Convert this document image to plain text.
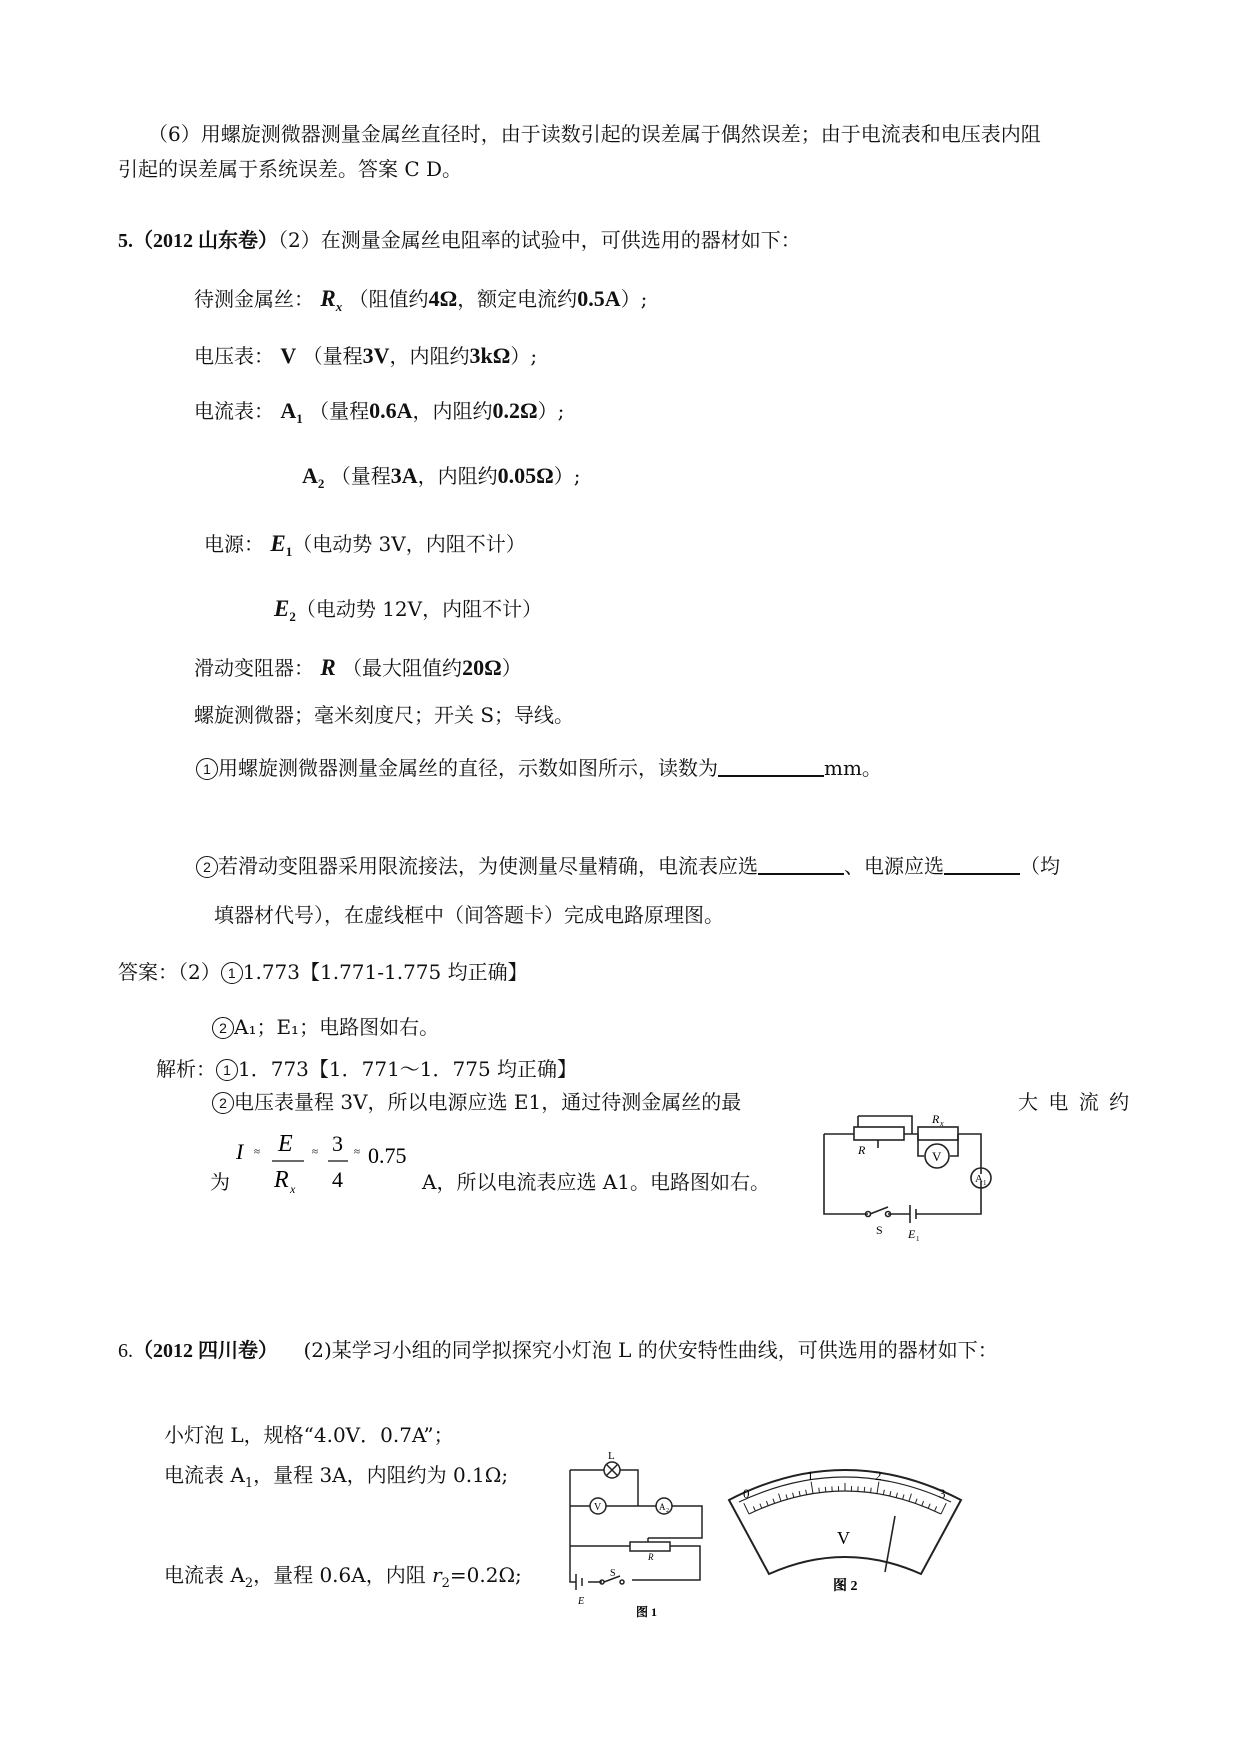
（6）用螺旋测微器测量金属丝直径时，由于读数引起的误差属于偶然误差；由于电流表和电压表内阻
引起的误差属于系统误差。答案 C D。
5.（2012 山东卷）（2）在测量金属丝电阻率的试验中，可供选用的器材如下：
待测金属丝： $R_x$ （阻值约4Ω，额定电流约0.5A）;
电压表： V （量程3V，内阻约3kΩ）;
电流表： $A_1$ （量程0.6A，内阻约0.2Ω）;
$A_2$ （量程3A，内阻约0.05Ω）;
电源： $E_1$（电动势 3V，内阻不计）
$E_2$（电动势 12V，内阻不计）
滑动变阻器： R （最大阻值约20Ω）
螺旋测微器；毫米刻度尺；开关 S；导线。
1 用螺旋测微器测量金属丝的直径，示数如图所示，读数为	mm。
2 若滑动变阻器采用限流接法，为使测量尽量精确，电流表应选	、电源应选	（均
填器材代号），在虚线框中（间答题卡）完成电路原理图。
答案：（2） 1 1.773【1.771-1.775 均正确】
2 A₁；E₁；电路图如右。
解析： 1 1．773【1．771～1．775 均正确】
2 电压表量程 3V，所以电源应选 E1，通过待测金属丝的最	大 电 流 约
为	A，所以电流表应选 A1。电路图如右。
I ≈ E
R x
≈ 3
4
≈ 0.75	R
R x
V
A 1
S E 1
6.（2012 四川卷） (2)某学习小组的同学拟探究小灯泡 L 的伏安特性曲线，可供选用的器材如下：
小灯泡 L，规格“4.0V．0.7A”；
电流表 $A_1$，量程 3A，内阻约为 0.1Ω;
电流表 $A_2$，量程 0.6A，内阻 $r_2=0.2\Omega$;
L
V	A 2
R
S
E
图 1
0
1	2
3
V
图 2
